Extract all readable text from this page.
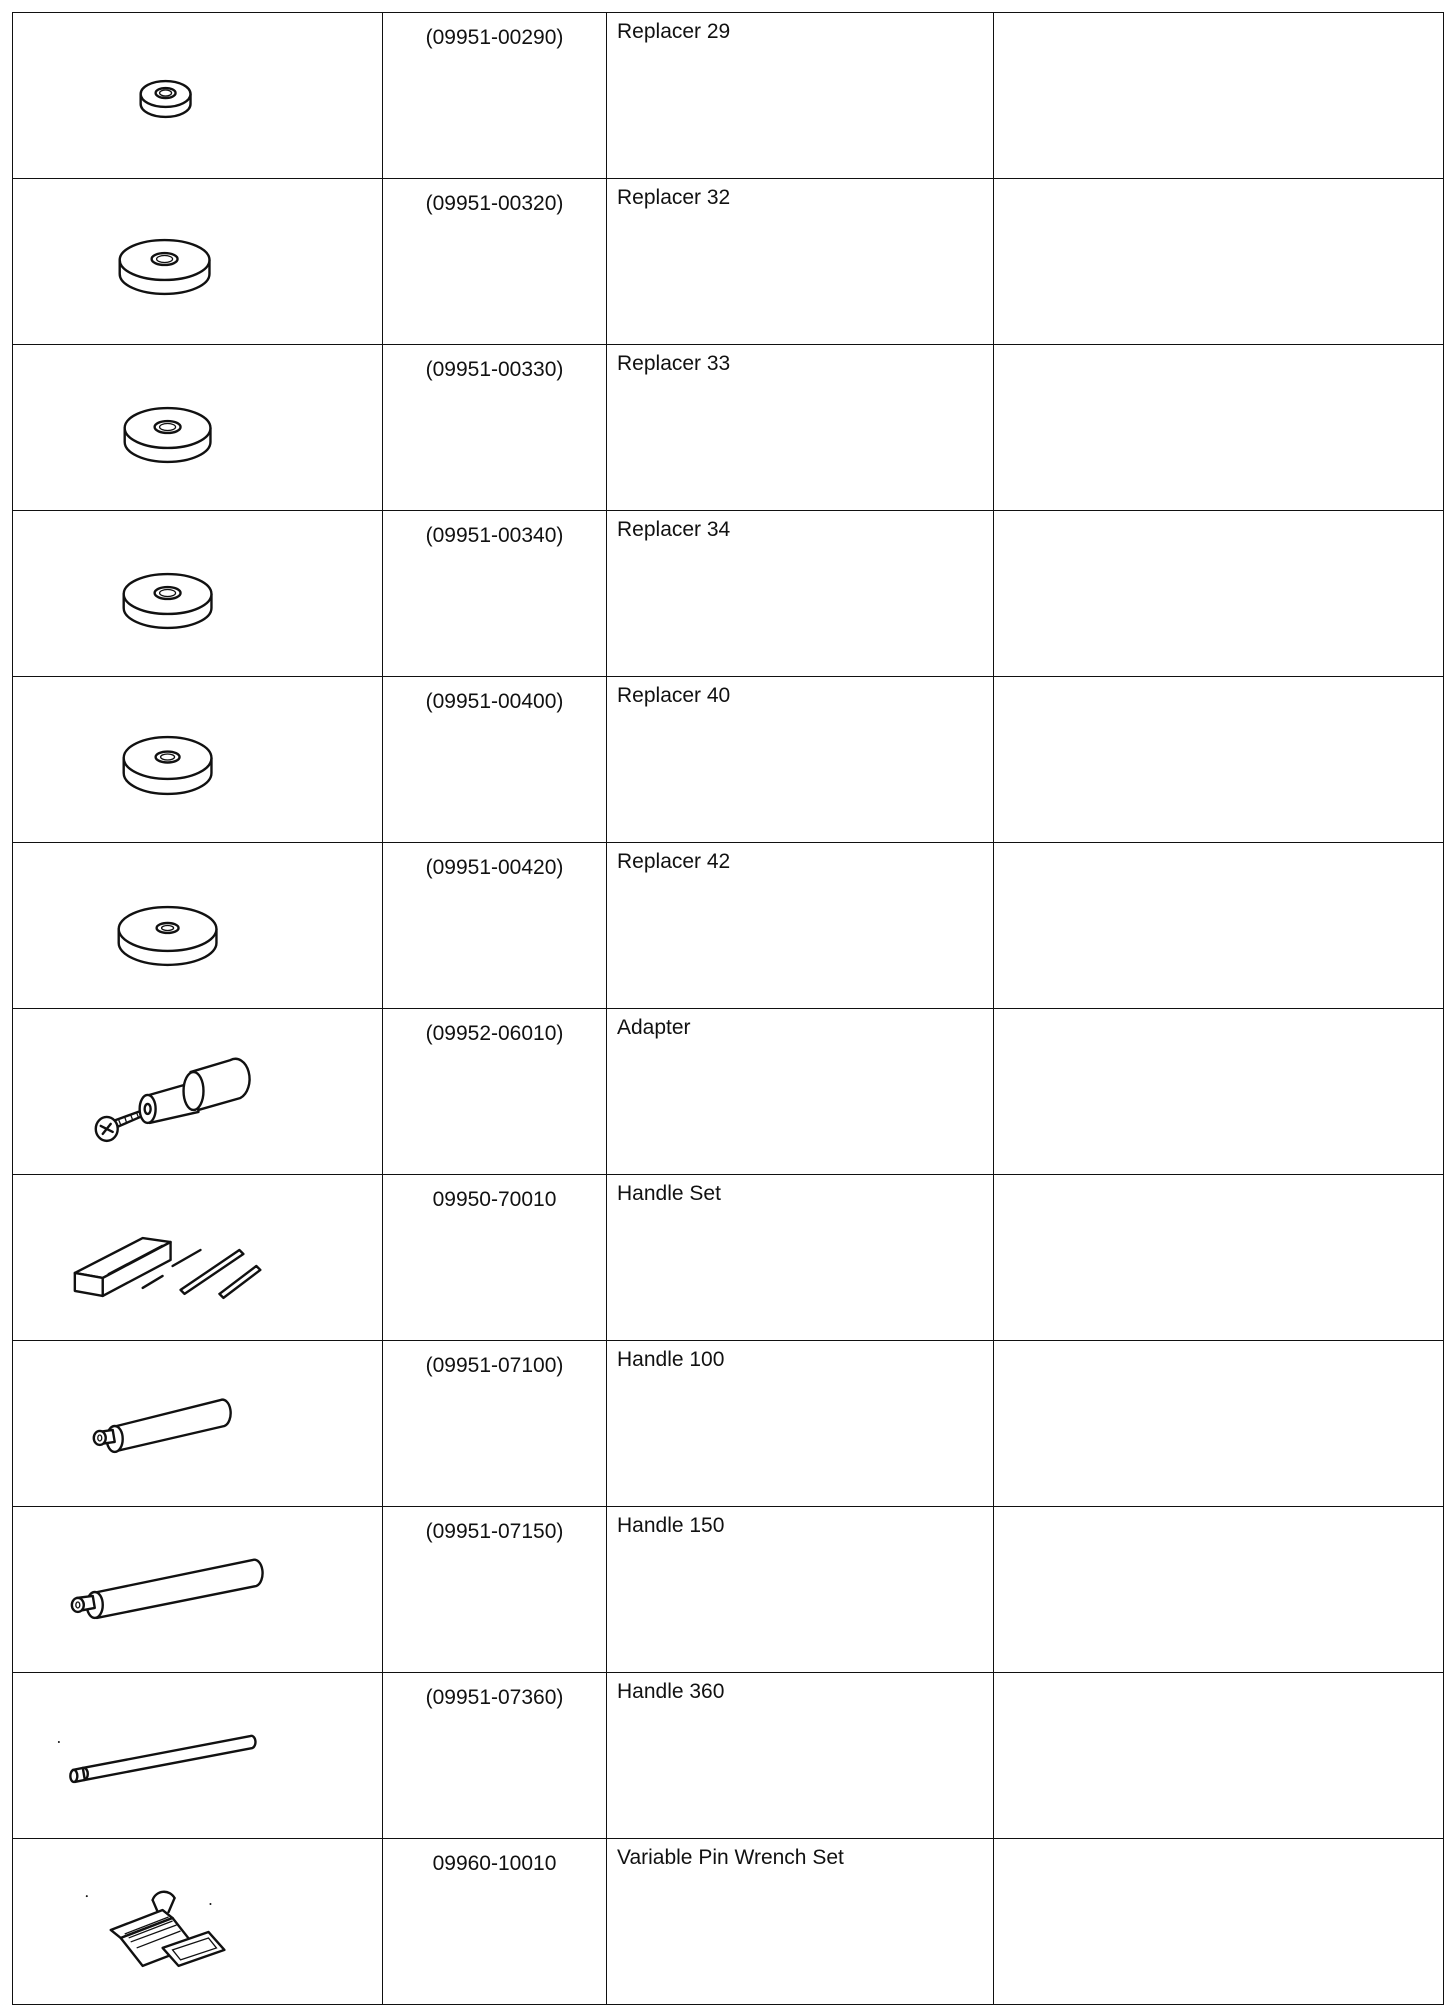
	(09951-00290)	Replacer 29	

	(09951-00320)	Replacer 32	

	(09951-00330)	Replacer 33	

	(09951-00340)	Replacer 34	

	(09951-00400)	Replacer 40	

	(09951-00420)	Replacer 42	

	(09952-06010)	Adapter	

	09950-70010	Handle Set	

	(09951-07100)	Handle 100	

	(09951-07150)	Handle 150	

	(09951-07360)	Handle 360	

	09960-10010	Variable Pin Wrench Set	
